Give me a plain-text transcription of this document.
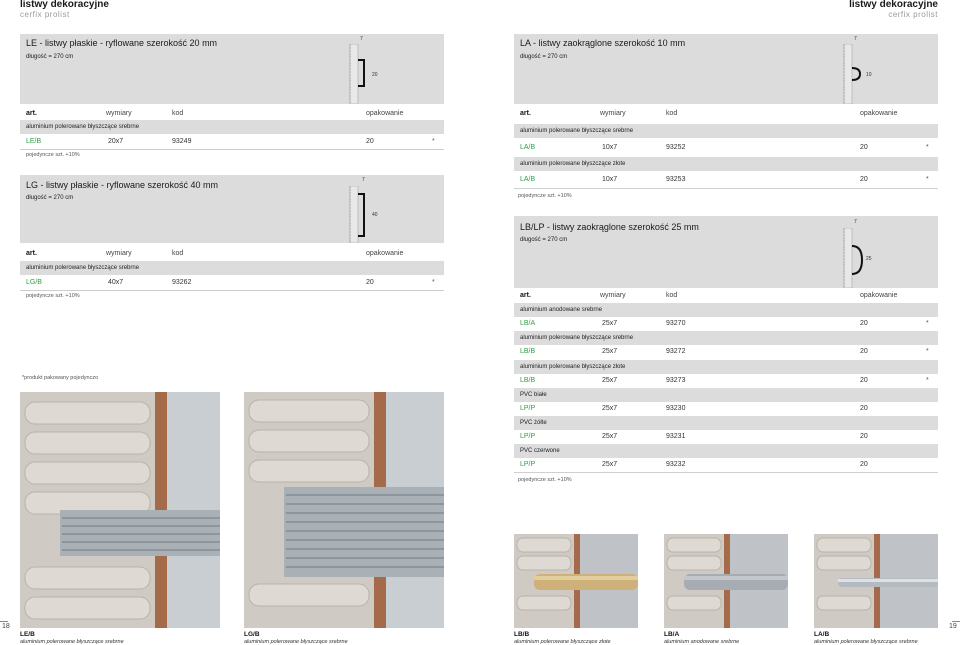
listwy dekoracyjne
cerfix prolist
listwy dekoracyjne
cerfix prolist
LE - listwy płaskie - ryflowane szerokość 20 mm
długość = 270 cm
7
20
art.	wymiary	kod	opakowanie
aluminium polerowane błyszczące srebrne
LE/B	20x7	93249	20	*
pojedyncze szt. +10%
LG - listwy płaskie - ryflowane szerokość 40 mm
długość = 270 cm
7
40
art.	wymiary	kod	opakowanie
aluminium polerowane błyszczące srebrne
LG/B	40x7	93262	20	*
pojedyncze szt. +10%
*produkt pakowany pojedynczo
LA - listwy zaokrąglone szerokość 10 mm
długość = 270 cm
7
10
art.	wymiary	kod	opakowanie
aluminium polerowane błyszczące srebrne
LA/B	10x7	93252	20	*
aluminium polerowane błyszczące złote
LA/B	10x7	93253	20	*
pojedyncze szt. +10%
LB/LP - listwy zaokrąglone szerokość 25 mm
długość = 270 cm
7
25
art.	wymiary	kod	opakowanie
aluminium anodowane srebrne
LB/A	25x7	93270	20	*
aluminium polerowane błyszczące srebrne
LB/B	25x7	93272	20	*
aluminium polerowane błyszczące złote
LB/B	25x7	93273	20	*
PVC białe
LP/P	25x7	93230	20
PVC żółte
LP/P	25x7	93231	20
PVC czerwone
LP/P	25x7	93232	20
pojedyncze szt. +10%
LE/B
aluminium polerowane błyszczące srebrne
LG/B
aluminium polerowane błyszczące srebrne
LB/B
aluminium polerowane błyszczące złote
LB/A
aluminium anodowane srebrne
LA/B
aluminium polerowane błyszczące srebrne
18	19
